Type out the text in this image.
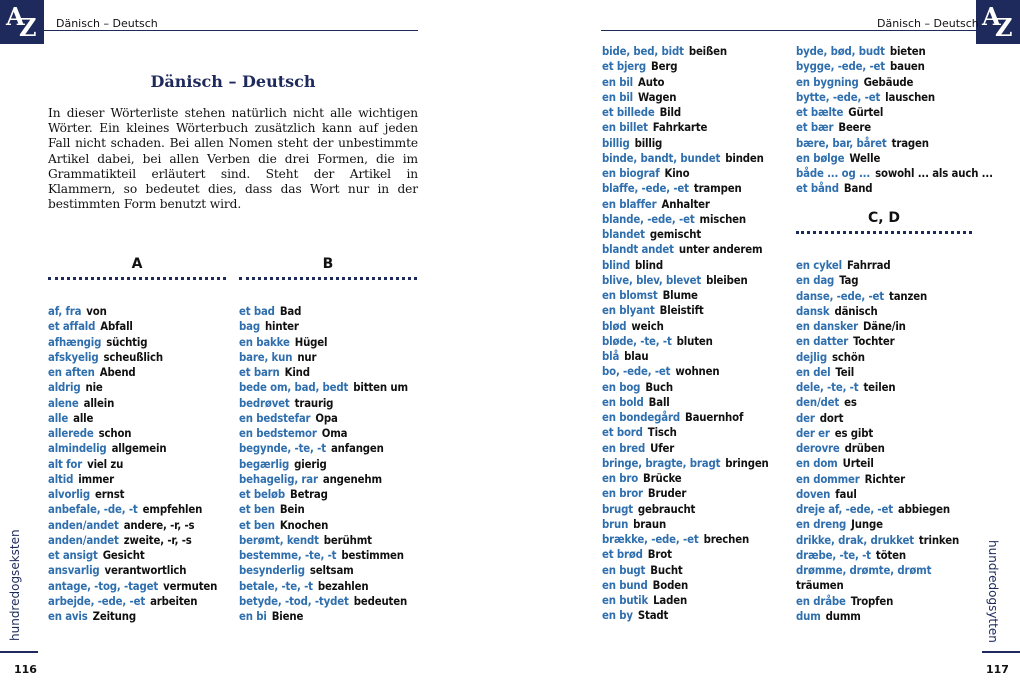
A
Z Dänisch – Deutsch	A
Z
Dänisch – Deutsch
Dänisch – Deutsch
In dieser Wörterliste stehen natürlich nicht alle wichtigen Wörter. Ein kleines Wörterbuch zusätzlich kann auf jeden Fall nicht schaden. Bei allen Nomen steht der unbestimmte Artikel dabei, bei allen Verben die drei Formen, die im Grammatikteil erläutert sind. Steht der Artikel in Klammern, so bedeutet dies, dass das Wort nur in der bestimmten Form benutzt wird.
A	B
C, D
af, fra von
et affald Abfall
afhængig süchtig
afskyelig scheußlich
en aften Abend
aldrig nie
alene allein
alle alle
allerede schon
almindelig allgemein
alt for viel zu
altid immer
alvorlig ernst
anbefale, -de, -t empfehlen
anden/andet andere, -r, -s
anden/andet zweite, -r, -s
et ansigt Gesicht
ansvarlig verantwortlich
antage, -tog, -taget vermuten
arbejde, -ede, -et arbeiten
en avis Zeitung
et bad Bad
bag hinter
en bakke Hügel
bare, kun nur
et barn Kind
bede om, bad, bedt bitten um
bedrøvet traurig
en bedstefar Opa
en bedstemor Oma
begynde, -te, -t anfangen
begærlig gierig
behagelig, rar angenehm
et beløb Betrag
et ben Bein
et ben Knochen
berømt, kendt berühmt
bestemme, -te, -t bestimmen
besynderlig seltsam
betale, -te, -t bezahlen
betyde, -tod, -tydet bedeuten
en bi Biene
bide, bed, bidt beißen
et bjerg Berg
en bil Auto
en bil Wagen
et billede Bild
en billet Fahrkarte
billig billig
binde, bandt, bundet binden
en biograf Kino
blaffe, -ede, -et trampen
en blaffer Anhalter
blande, -ede, -et mischen
blandet gemischt
blandt andet unter anderem
blind blind
blive, blev, blevet bleiben
en blomst Blume
en blyant Bleistift
blød weich
bløde, -te, -t bluten
blå blau
bo, -ede, -et wohnen
en bog Buch
en bold Ball
en bondegård Bauernhof
et bord Tisch
en bred Ufer
bringe, bragte, bragt bringen
en bro Brücke
en bror Bruder
brugt gebraucht
brun braun
brække, -ede, -et brechen
et brød Brot
en bugt Bucht
en bund Boden
en butik Laden
en by Stadt
byde, bød, budt bieten
bygge, -ede, -et bauen
en bygning Gebäude
bytte, -ede, -et lauschen
et bælte Gürtel
et bær Beere
bære, bar, båret tragen
en bølge Welle
både ... og ... sowohl ... als auch ...
et bånd Band
en cykel Fahrrad
en dag Tag
danse, -ede, -et tanzen
dansk dänisch
en dansker Däne/in
en datter Tochter
dejlig schön
en del Teil
dele, -te, -t teilen
den/det es
der dort
der er es gibt
derovre drüben
en dom Urteil
en dommer Richter
doven faul
dreje af, -ede, -et abbiegen
en dreng Junge
drikke, drak, drukket trinken
dræbe, -te, -t töten
drømme, drømte, drømt
träumen
en dråbe Tropfen
dum dumm
hundredogseksten	hundredogsytten
116	117
